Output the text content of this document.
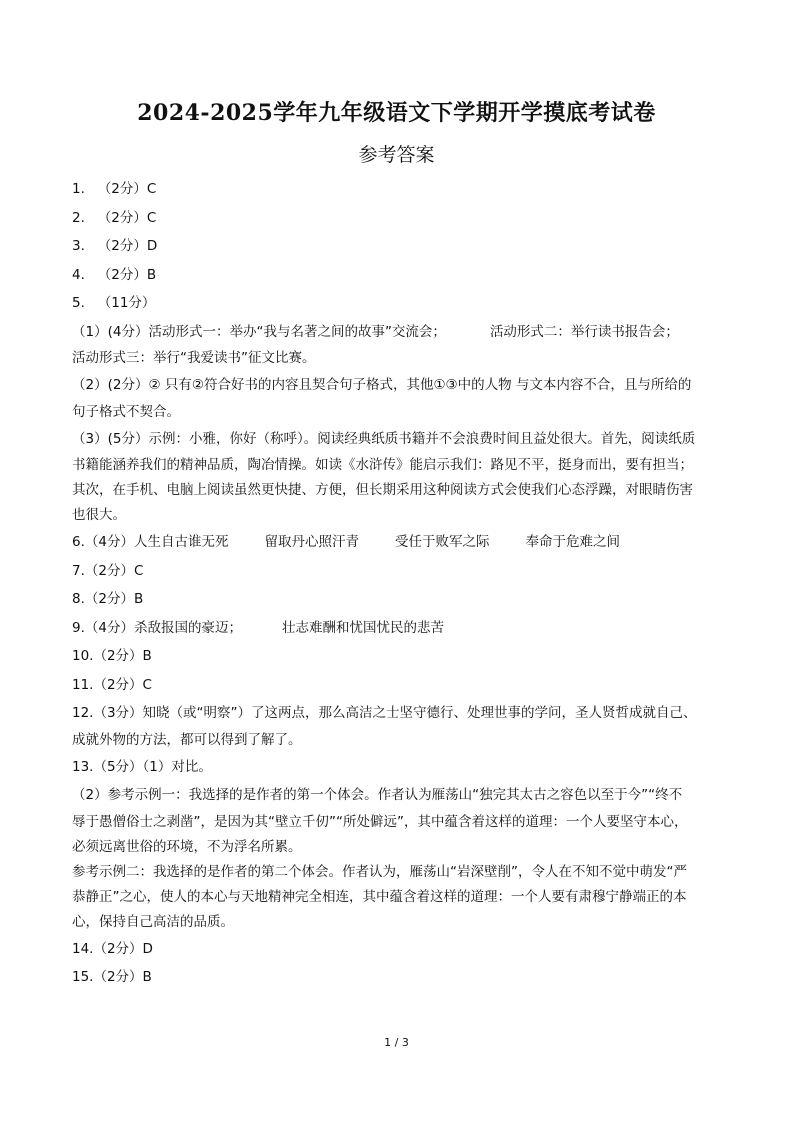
2024-2025学年九年级语文下学期开学摸底考试卷
参考答案
1.   （2分）C
2.   （2分）C
3.   （2分）D
4.   （2分）B
5.   （11分）
（1）(4分）活动形式一：举办“我与名著之间的故事”交流会；	活动形式二：举行读书报告会；
活动形式三：举行“我爱读书”征文比赛。
（2）(2分）② 只有②符合好书的内容且契合句子格式，其他①③中的人物 与文本内容不合，且与所给的
句子格式不契合。
（3）(5分）示例：小雅，你好（称呼）。阅读经典纸质书籍并不会浪费时间且益处很大。首先，阅读纸质
书籍能涵养我们的精神品质，陶冶情操。如读《水浒传》能启示我们：路见不平，挺身而出，要有担当；
其次，在手机、电脑上阅读虽然更快捷、方便，但长期采用这种阅读方式会使我们心态浮躁，对眼睛伤害
也很大。
6.（4分）人生自古谁无死	留取丹心照汗青	受任于败军之际	奉命于危难之间
7.（2分）C
8.（2分）B
9.（4分）杀敌报国的豪迈；	壮志难酬和忧国忧民的悲苦
10.（2分）B
11.（2分）C
12.（3分）知晓（或“明察”）了这两点，那么高洁之士坚守德行、处理世事的学问，圣人贤哲成就自己、
成就外物的方法，都可以得到了解了。
13.（5分）（1）对比。
（2）参考示例一：我选择的是作者的第一个体会。作者认为雁荡山“独完其太古之容色以至于今”“终不
辱于愚僧俗士之剥凿”，是因为其“壁立千仞”“所处僻远”，其中蕴含着这样的道理：一个人要坚守本心，
必须远离世俗的环境，不为浮名所累。
参考示例二：我选择的是作者的第二个体会。作者认为，雁荡山“岩深壁削”，令人在不知不觉中萌发“严
恭静正”之心，使人的本心与天地精神完全相连，其中蕴含着这样的道理：一个人要有肃穆宁静端正的本
心，保持自己高洁的品质。
14.（2分）D
15.（2分）B
1 / 3
